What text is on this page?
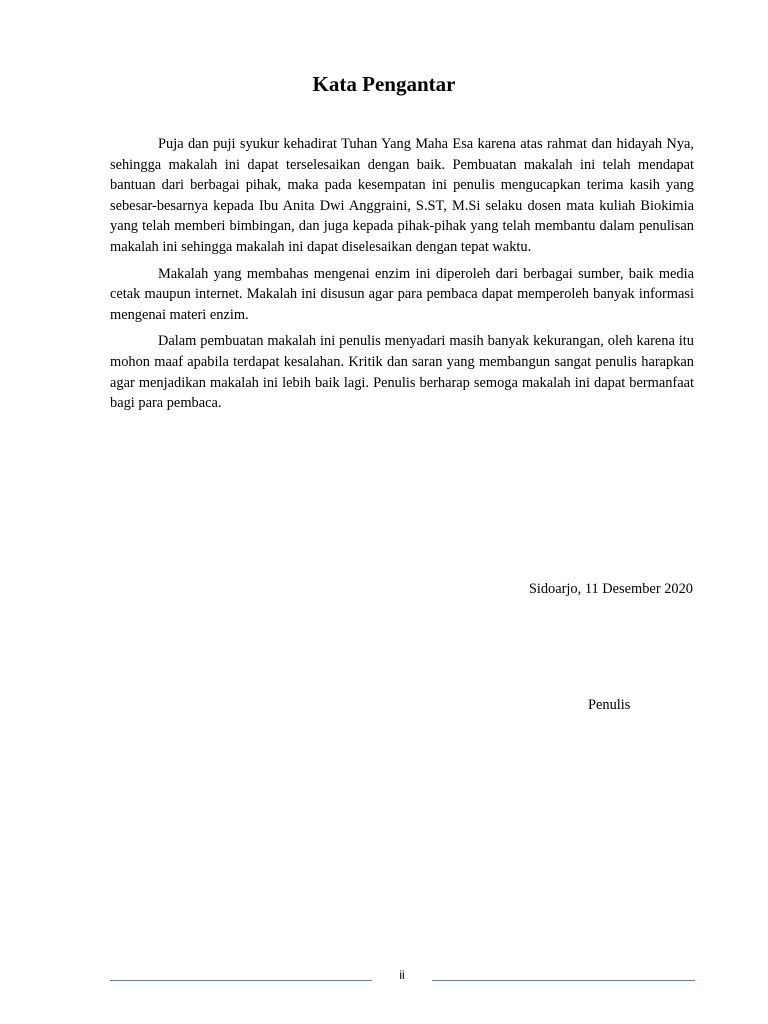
Kata Pengantar

Puja dan puji syukur kehadirat Tuhan Yang Maha Esa karena atas rahmat dan hidayah Nya, sehingga makalah ini dapat terselesaikan dengan baik. Pembuatan makalah ini telah mendapat bantuan dari berbagai pihak, maka pada kesempatan ini penulis mengucapkan terima kasih yang sebesar-besarnya kepada Ibu Anita Dwi Anggraini, S.ST, M.Si selaku dosen mata kuliah Biokimia yang telah memberi bimbingan, dan juga kepada pihak-pihak yang telah membantu dalam penulisan makalah ini sehingga makalah ini dapat diselesaikan dengan tepat waktu.

Makalah yang membahas mengenai enzim ini diperoleh dari berbagai sumber, baik media cetak maupun internet. Makalah ini disusun agar para pembaca dapat memperoleh banyak informasi mengenai materi enzim.

Dalam pembuatan makalah ini penulis menyadari masih banyak kekurangan, oleh karena itu mohon maaf apabila terdapat kesalahan. Kritik dan saran yang membangun sangat penulis harapkan agar menjadikan makalah ini lebih baik lagi. Penulis berharap semoga makalah ini dapat bermanfaat bagi para pembaca.

Sidoarjo, 11 Desember 2020
Penulis
ii
